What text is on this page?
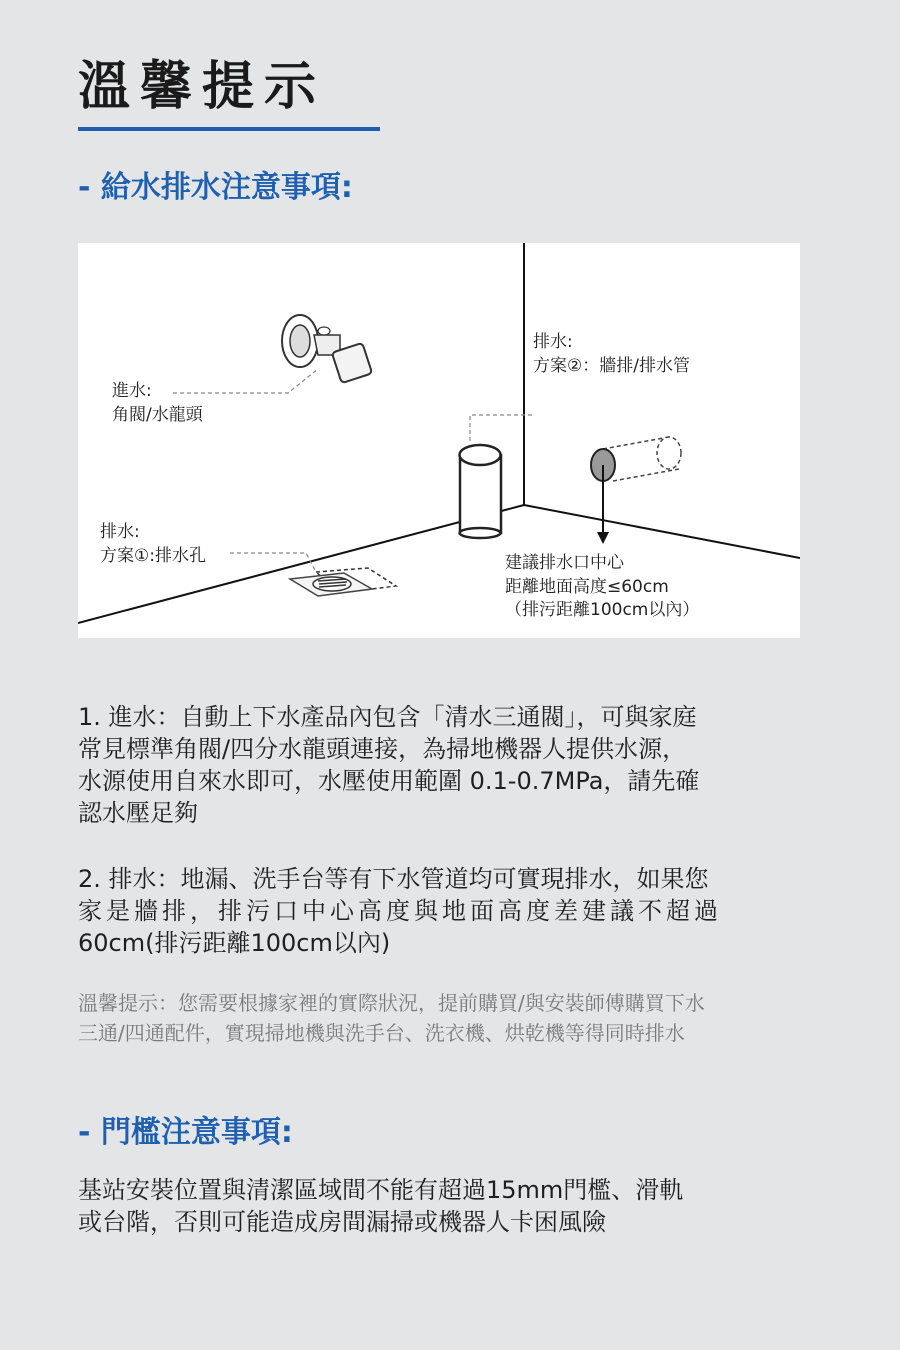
溫馨提示
- 給水排水注意事項:
進水:
角閥/水龍頭
排水:
方案①:排水孔
排水:
方案②：牆排/排水管
建議排水口中心
距離地面高度≤60cm
（排污距離100cm以內）

1. 進水：自動上下水產品內包含「清水三通閥」，可與家庭
常見標準角閥/四分水龍頭連接，為掃地機器人提供水源，
水源使用自來水即可，水壓使用範圍 0.1-0.7MPa，請先確
認水壓足夠

2. 排水：地漏、洗手台等有下水管道均可實現排水，如果您
家是牆排，排污口中心高度與地面高度差建議不超過
60cm(排污距離100cm以內)

溫馨提示：您需要根據家裡的實際狀況，提前購買/與安裝師傅購買下水
三通/四通配件，實現掃地機與洗手台、洗衣機、烘乾機等得同時排水

- 門檻注意事項:

基站安裝位置與清潔區域間不能有超過15mm門檻、滑軌
或台階，否則可能造成房間漏掃或機器人卡困風險
